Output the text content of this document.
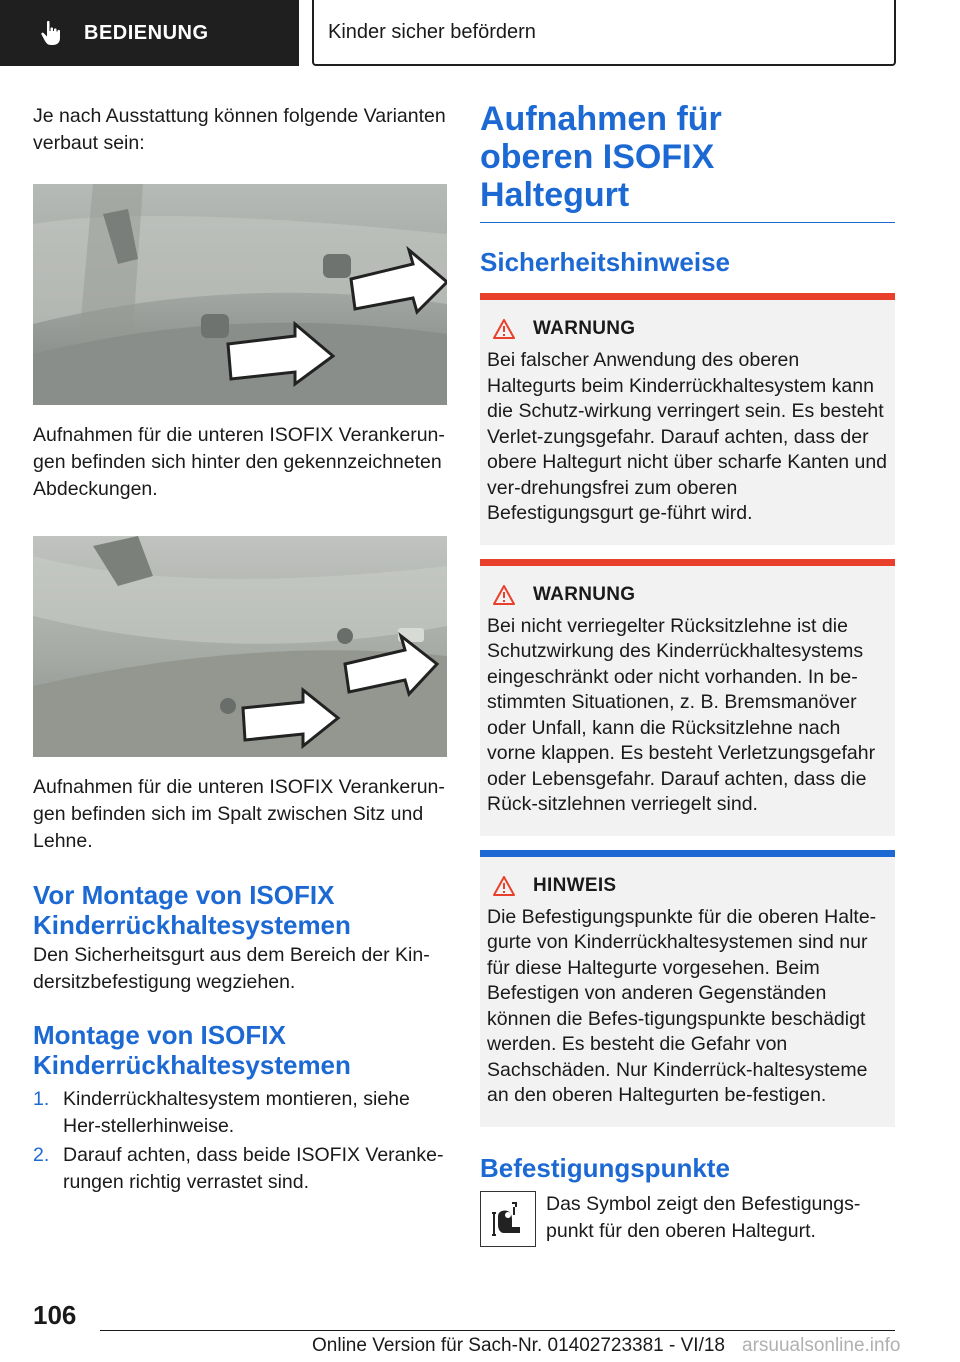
BEDIENUNG	Kinder sicher befördern

Je nach Ausstattung können folgende Varianten verbaut sein:

Aufnahmen für die unteren ISOFIX Verankerun-gen befinden sich hinter den gekennzeichneten Abdeckungen.

Aufnahmen für die unteren ISOFIX Verankerun-gen befinden sich im Spalt zwischen Sitz und Lehne.

Vor Montage von ISOFIX Kinderrückhaltesystemen

Den Sicherheitsgurt aus dem Bereich der Kin-dersitzbefestigung wegziehen.

Montage von ISOFIX Kinderrückhaltesystemen
1. Kinderrückhaltesystem montieren, siehe Her-stellerhinweise.
2. Darauf achten, dass beide ISOFIX Veranke-rungen richtig verrastet sind.
Aufnahmen für oberen ISOFIX Haltegurt
Sicherheitshinweise
WARNUNG

Bei falscher Anwendung des oberen Haltegurts beim Kinderrückhaltesystem kann die Schutz-wirkung verringert sein. Es besteht Verlet-zungsgefahr. Darauf achten, dass der obere Haltegurt nicht über scharfe Kanten und ver-drehungsfrei zum oberen Befestigungsgurt ge-führt wird.

WARNUNG

Bei nicht verriegelter Rücksitzlehne ist die Schutzwirkung des Kinderrückhaltesystems eingeschränkt oder nicht vorhanden. In be-stimmten Situationen, z. B. Bremsmanöver oder Unfall, kann die Rücksitzlehne nach vorne klappen. Es besteht Verletzungsgefahr oder Lebensgefahr. Darauf achten, dass die Rück-sitzlehnen verriegelt sind.

HINWEIS

Die Befestigungspunkte für die oberen Halte-gurte von Kinderrückhaltesystemen sind nur für diese Haltegurte vorgesehen. Beim Befestigen von anderen Gegenständen können die Befes-tigungspunkte beschädigt werden. Es besteht die Gefahr von Sachschäden. Nur Kinderrück-haltesysteme an den oberen Haltegurten be-festigen.

Befestigungspunkte

Das Symbol zeigt den Befestigungs-punkt für den oberen Haltegurt.

106
Online Version für Sach-Nr. 01402723381 - VI/18 arsuualsonline.info
